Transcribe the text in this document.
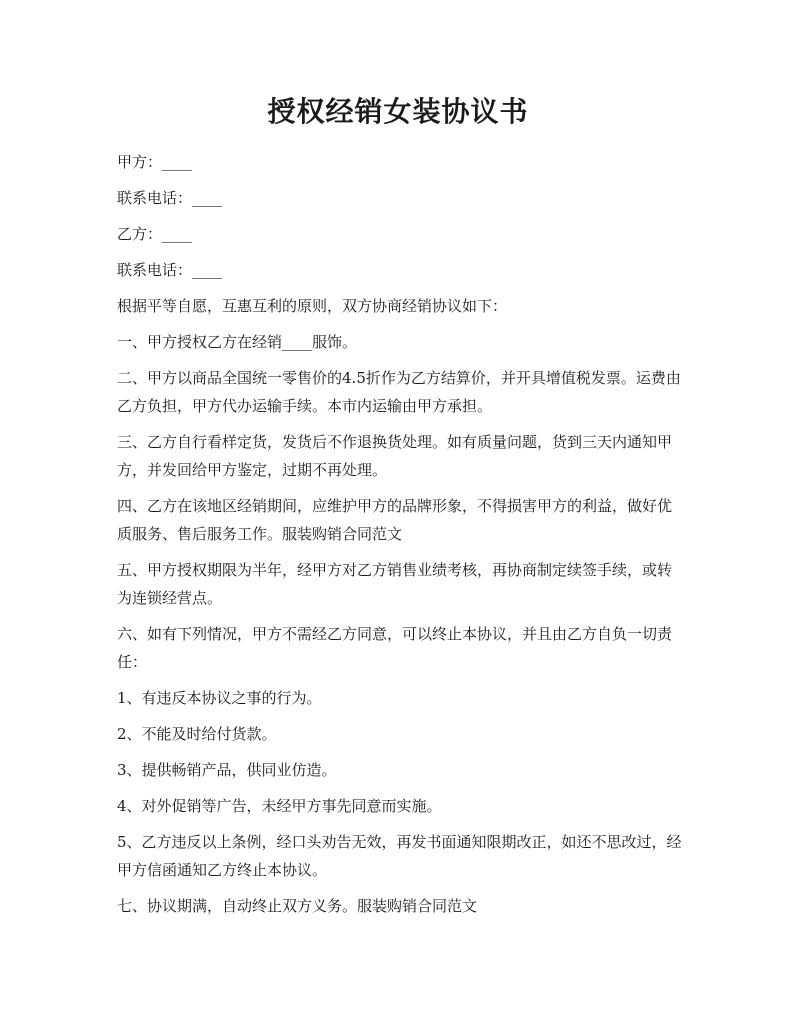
授权经销女装协议书

甲方：____

联系电话：____

乙方：____

联系电话：____

根据平等自愿，互惠互利的原则，双方协商经销协议如下：

一、甲方授权乙方在经销____服饰。

二、甲方以商品全国统一零售价的4.5折作为乙方结算价，并开具增值税发票。运费由乙方负担，甲方代办运输手续。本市内运输由甲方承担。

三、乙方自行看样定货，发货后不作退换货处理。如有质量问题，货到三天内通知甲方，并发回给甲方鉴定，过期不再处理。

四、乙方在该地区经销期间，应维护甲方的品牌形象，不得损害甲方的利益，做好优质服务、售后服务工作。服装购销合同范文

五、甲方授权期限为半年，经甲方对乙方销售业绩考核，再协商制定续签手续，或转为连锁经营点。

六、如有下列情况，甲方不需经乙方同意，可以终止本协议，并且由乙方自负一切责任：

1、有违反本协议之事的行为。

2、不能及时给付货款。

3、提供畅销产品，供同业仿造。

4、对外促销等广告，未经甲方事先同意而实施。

5、乙方违反以上条例，经口头劝告无效，再发书面通知限期改正，如还不思改过，经甲方信函通知乙方终止本协议。

七、协议期满，自动终止双方义务。服装购销合同范文
